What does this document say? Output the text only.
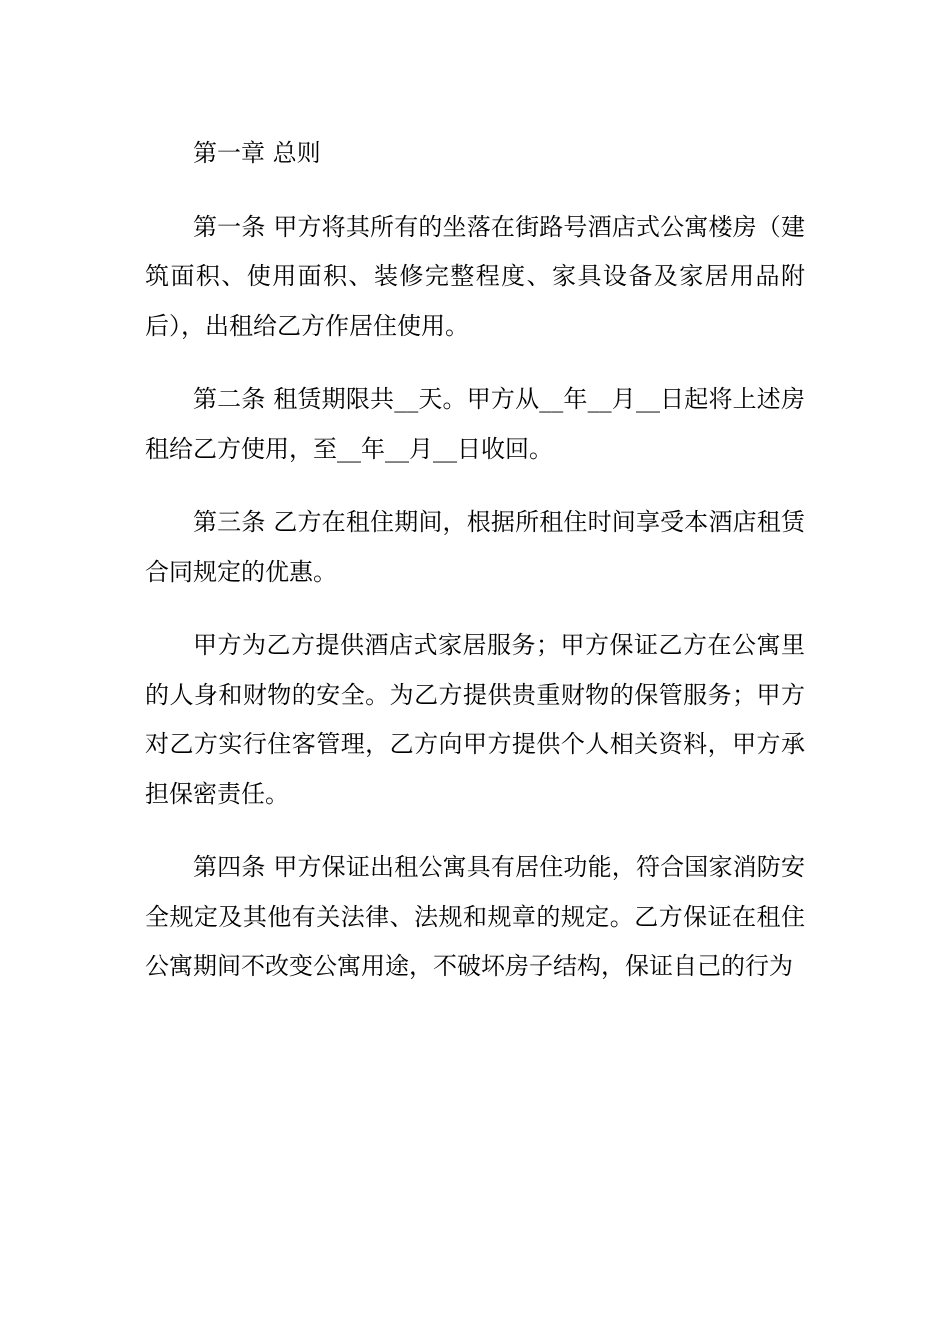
第一章 总则

第一条 甲方将其所有的坐落在街路号酒店式公寓楼房（建筑面积、使用面积、装修完整程度、家具设备及家居用品附后），出租给乙方作居住使用。

第二条 租赁期限共__天。甲方从__年__月__日起将上述房租给乙方使用，至__年__月__日收回。

第三条 乙方在租住期间，根据所租住时间享受本酒店租赁合同规定的优惠。

甲方为乙方提供酒店式家居服务；甲方保证乙方在公寓里的人身和财物的安全。为乙方提供贵重财物的保管服务；甲方对乙方实行住客管理，乙方向甲方提供个人相关资料，甲方承担保密责任。

第四条 甲方保证出租公寓具有居住功能，符合国家消防安全规定及其他有关法律、法规和规章的规定。乙方保证在租住公寓期间不改变公寓用途，不破坏房子结构，保证自己的行为
